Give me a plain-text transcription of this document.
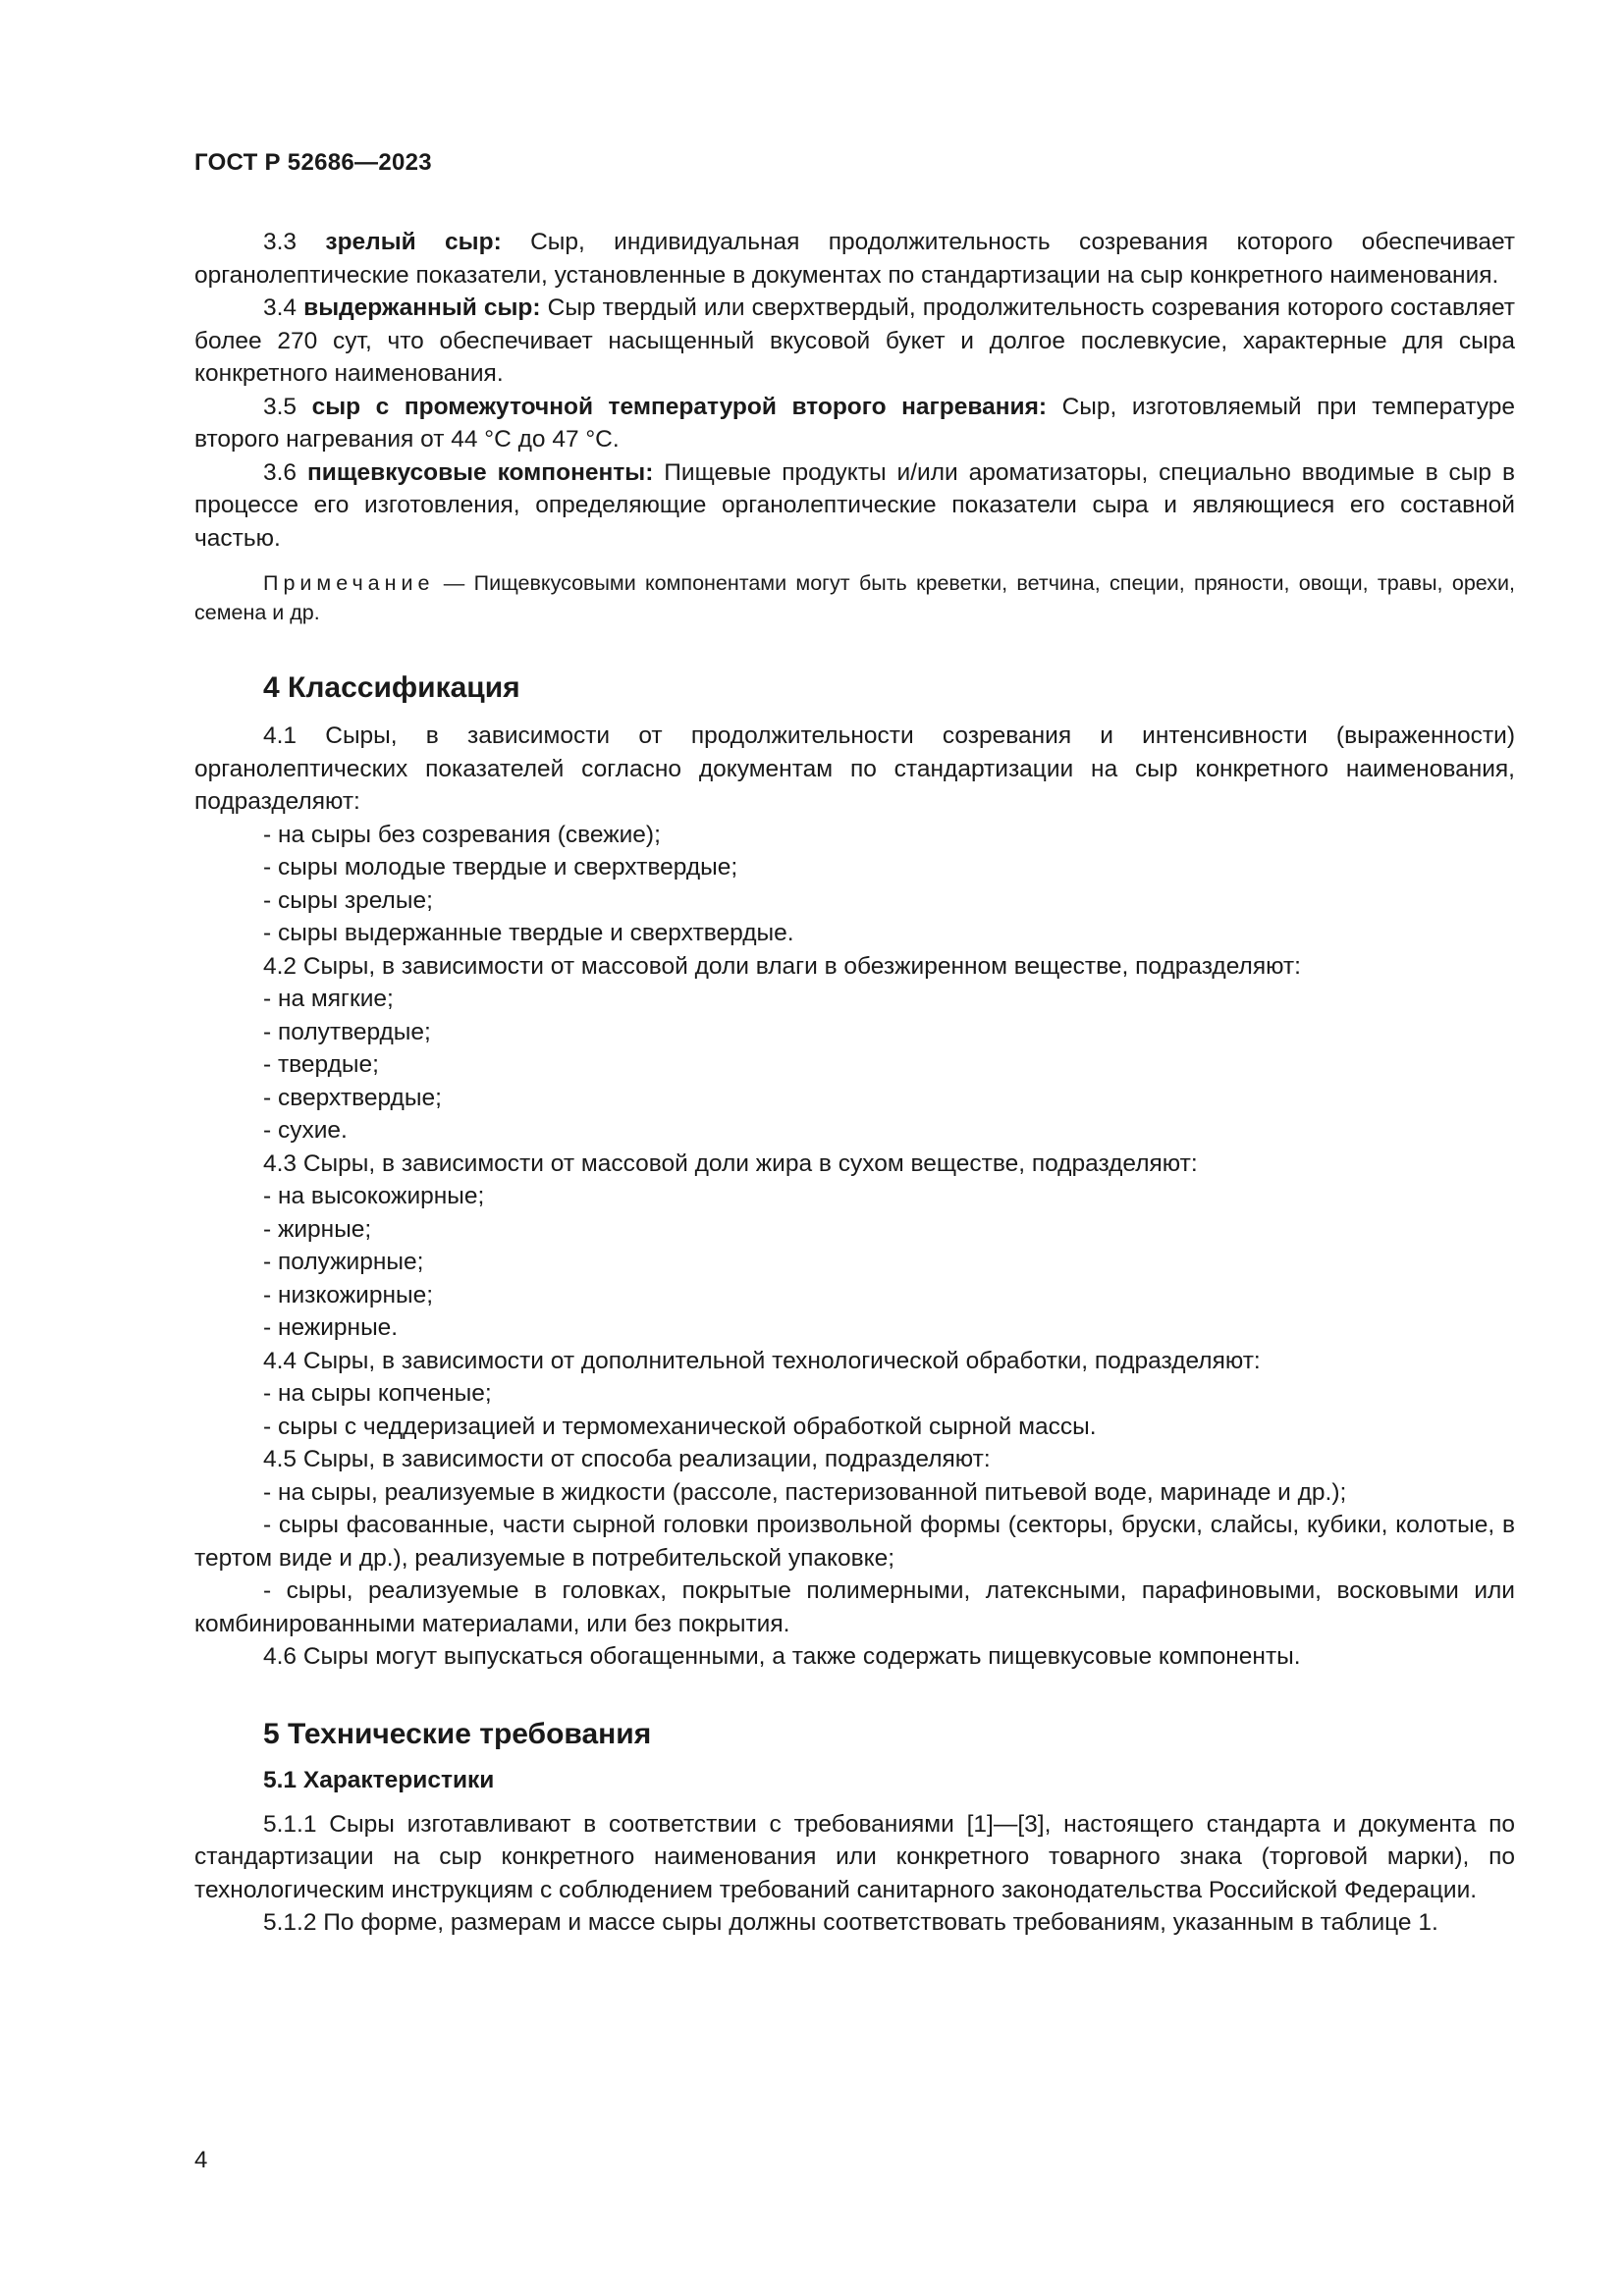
ГОСТ Р 52686—2023

3.3 зрелый сыр: Сыр, индивидуальная продолжительность созревания которого обеспечивает органолептические показатели, установленные в документах по стандартизации на сыр конкретного наименования.

3.4 выдержанный сыр: Сыр твердый или сверхтвердый, продолжительность созревания которого составляет более 270 сут, что обеспечивает насыщенный вкусовой букет и долгое послевкусие, характерные для сыра конкретного наименования.

3.5 сыр с промежуточной температурой второго нагревания: Сыр, изготовляемый при температуре второго нагревания от 44 °С до 47 °С.

3.6 пищевкусовые компоненты: Пищевые продукты и/или ароматизаторы, специально вводимые в сыр в процессе его изготовления, определяющие органолептические показатели сыра и являющиеся его составной частью.

Примечание — Пищевкусовыми компонентами могут быть креветки, ветчина, специи, пряности, овощи, травы, орехи, семена и др.

4 Классификация

4.1 Сыры, в зависимости от продолжительности созревания и интенсивности (выраженности) органолептических показателей согласно документам по стандартизации на сыр конкретного наименования, подразделяют:

- на сыры без созревания (свежие);

- сыры молодые твердые и сверхтвердые;

- сыры зрелые;

- сыры выдержанные твердые и сверхтвердые.

4.2 Сыры, в зависимости от массовой доли влаги в обезжиренном веществе, подразделяют:

- на мягкие;

- полутвердые;

- твердые;

- сверхтвердые;

- сухие.

4.3 Сыры, в зависимости от массовой доли жира в сухом веществе, подразделяют:

- на высокожирные;

- жирные;

- полужирные;

- низкожирные;

- нежирные.

4.4 Сыры, в зависимости от дополнительной технологической обработки, подразделяют:

- на сыры копченые;

- сыры с чеддеризацией и термомеханической обработкой сырной массы.

4.5 Сыры, в зависимости от способа реализации, подразделяют:

- на сыры, реализуемые в жидкости (рассоле, пастеризованной питьевой воде, маринаде и др.);

- сыры фасованные, части сырной головки произвольной формы (секторы, бруски, слайсы, кубики, колотые, в тертом виде и др.), реализуемые в потребительской упаковке;

- сыры, реализуемые в головках, покрытые полимерными, латексными, парафиновыми, восковыми или комбинированными материалами, или без покрытия.

4.6 Сыры могут выпускаться обогащенными, а также содержать пищевкусовые компоненты.

5 Технические требования
5.1 Характеристики

5.1.1 Сыры изготавливают в соответствии с требованиями [1]—[3], настоящего стандарта и документа по стандартизации на сыр конкретного наименования или конкретного товарного знака (торговой марки), по технологическим инструкциям с соблюдением требований санитарного законодательства Российской Федерации.

5.1.2 По форме, размерам и массе сыры должны соответствовать требованиям, указанным в таблице 1.

4
